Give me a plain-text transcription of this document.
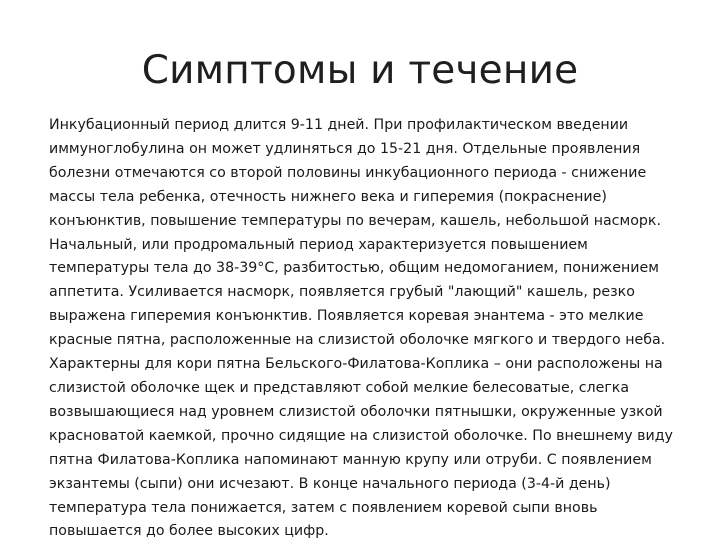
Симптомы и течение
Инкубационный период длится 9-11 дней. При профилактическом введении
иммуноглобулина он может удлиняться до 15-21 дня. Отдельные проявления
болезни отмечаются со второй половины инкубационного периода - снижение
массы тела ребенка, отечность нижнего века и гиперемия (покраснение)
конъюнктив, повышение температуры по вечерам, кашель, небольшой насморк.
Начальный, или продромальный период характеризуется повышением
температуры тела до 38-39°С, разбитостью, общим недомоганием, понижением
аппетита. Усиливается насморк, появляется грубый "лающий" кашель, резко
выражена гиперемия конъюнктив. Появляется коревая энантема - это мелкие
красные пятна, расположенные на слизистой оболочке мягкого и твердого неба.
Характерны для кори пятна Бельского-Филатова-Коплика – они расположены на
слизистой оболочке щек и представляют собой мелкие белесоватые, слегка
возвышающиеся над уровнем слизистой оболочки пятнышки, окруженные узкой
красноватой каемкой, прочно сидящие на слизистой оболочке. По внешнему виду
пятна Филатова-Коплика напоминают манную крупу или отруби. С появлением
экзантемы (сыпи) они исчезают. В конце начального периода (3-4-й день)
температура тела понижается, затем с появлением коревой сыпи вновь
повышается до более высоких цифр.
